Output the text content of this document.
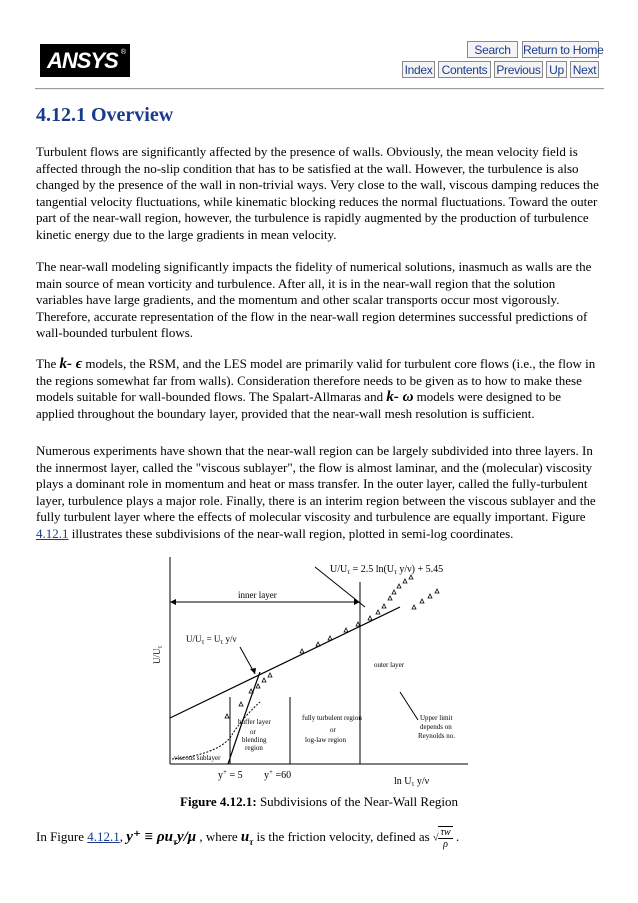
ANSYS ®	Search	Return to Home
Index Contents Previous Up Next
4.12.1 Overview

Turbulent flows are significantly affected by the presence of walls. Obviously, the mean velocity field is affected through the no-slip condition that has to be satisfied at the wall. However, the turbulence is also changed by the presence of the wall in non-trivial ways. Very close to the wall, viscous damping reduces the tangential velocity fluctuations, while kinematic blocking reduces the normal fluctuations. Toward the outer part of the near-wall region, however, the turbulence is rapidly augmented by the production of turbulence kinetic energy due to the large gradients in mean velocity.

The near-wall modeling significantly impacts the fidelity of numerical solutions, inasmuch as walls are the main source of mean vorticity and turbulence. After all, it is in the near-wall region that the solution variables have large gradients, and the momentum and other scalar transports occur most vigorously. Therefore, accurate representation of the flow in the near-wall region determines successful predictions of wall-bounded turbulent flows.

The k- ϵ models, the RSM, and the LES model are primarily valid for turbulent core flows (i.e., the flow in the regions somewhat far from walls). Consideration therefore needs to be given as to how to make these models suitable for wall-bounded flows. The Spalart-Allmaras and k- ω models were designed to be applied throughout the boundary layer, provided that the near-wall mesh resolution is sufficient.

Numerous experiments have shown that the near-wall region can be largely subdivided into three layers. In the innermost layer, called the "viscous sublayer", the flow is almost laminar, and the (molecular) viscosity plays a dominant role in momentum and heat or mass transfer. In the outer layer, called the fully-turbulent layer, turbulence plays a major role. Finally, there is an interim region between the viscous sublayer and the fully turbulent layer where the effects of molecular viscosity and turbulence are equally important. Figure 4.12.1 illustrates these subdivisions of the near-wall region, plotted in semi-log coordinates.

$U/U_\tau = 2.5$ $\ln(U_\tau$ y/ν) + 5.45
inner layer
$U/U_\tau = U_\tau$ y/ν
outer layer
$U/U_\tau$
buffer layer
or
blending
region
viscous sublayer
fully turbulent region
or
log-law region
Upper limit
depends on
Reynolds no.
y+ = 5 y+ =60
$\ln U_\tau$ y/ν
Figure 4.12.1: Subdivisions of the Near-Wall Region
In Figure 4.12.1, $y^+ \equiv \rho u_\tau y/\mu$ , where $u_\tau$ is the friction velocity, defined as √ $\frac{\tau w}{\rho}$ .
